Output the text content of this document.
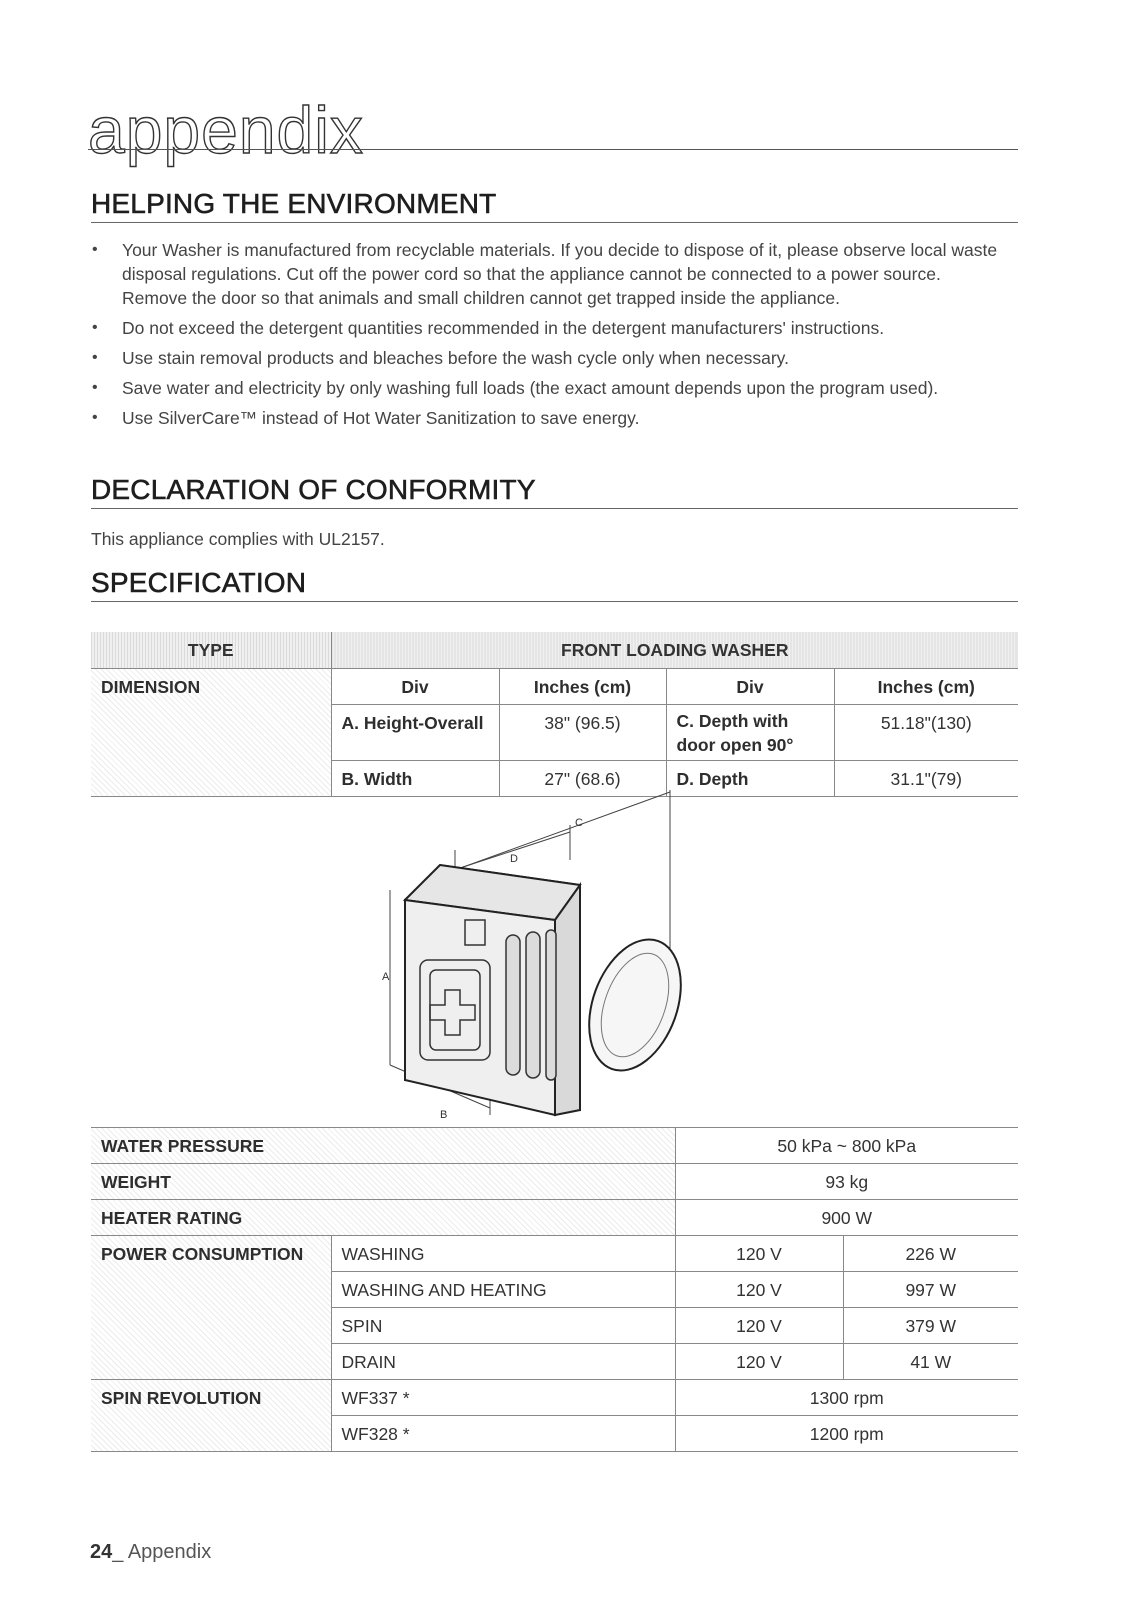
appendix
HELPING THE ENVIRONMENT
• Your Washer is manufactured from recyclable materials. If you decide to dispose of it, please observe local waste disposal regulations. Cut off the power cord so that the appliance cannot be connected to a power source. Remove the door so that animals and small children cannot get trapped inside the appliance.
• Do not exceed the detergent quantities recommended in the detergent manufacturers' instructions.
• Use stain removal products and bleaches before the wash cycle only when necessary.
• Save water and electricity by only washing full loads (the exact amount depends upon the program used).
• Use SilverCare™ instead of Hot Water Sanitization to save energy.
DECLARATION OF CONFORMITY
This appliance complies with UL2157.
SPECIFICATION
TYPE	FRONT LOADING WASHER			
DIMENSION	Div	Inches (cm)	Div	Inches (cm)
	A. Height-Overall	38" (96.5)	C. Depth with door open 90°	51.18"(130)
	B. Width	27" (68.6)	D. Depth	31.1"(79)
A
B
C
D
WATER PRESSURE		50 kPa ~ 800 kPa	
WEIGHT		93 kg	
HEATER RATING		900 W	
POWER CONSUMPTION	WASHING	120 V	226 W
	WASHING AND HEATING	120 V	997 W
	SPIN	120 V	379 W
	DRAIN	120 V	41 W
SPIN REVOLUTION	WF337 *	1300 rpm	
	WF328 *	1200 rpm	
24_ Appendix
